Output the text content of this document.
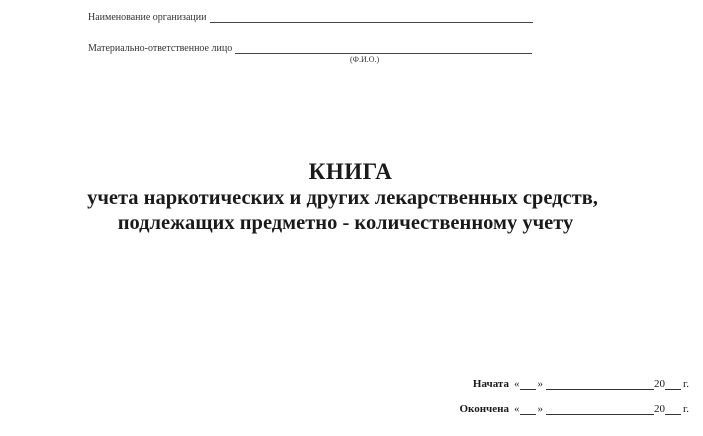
Наименование организации
Материально-ответственное лицо
(Ф.И.О.)
КНИГА
учета наркотических и других лекарственных средств,
подлежащих предметно - количественному учету
Начата « »	20 г.
Окончена « »	20 г.
